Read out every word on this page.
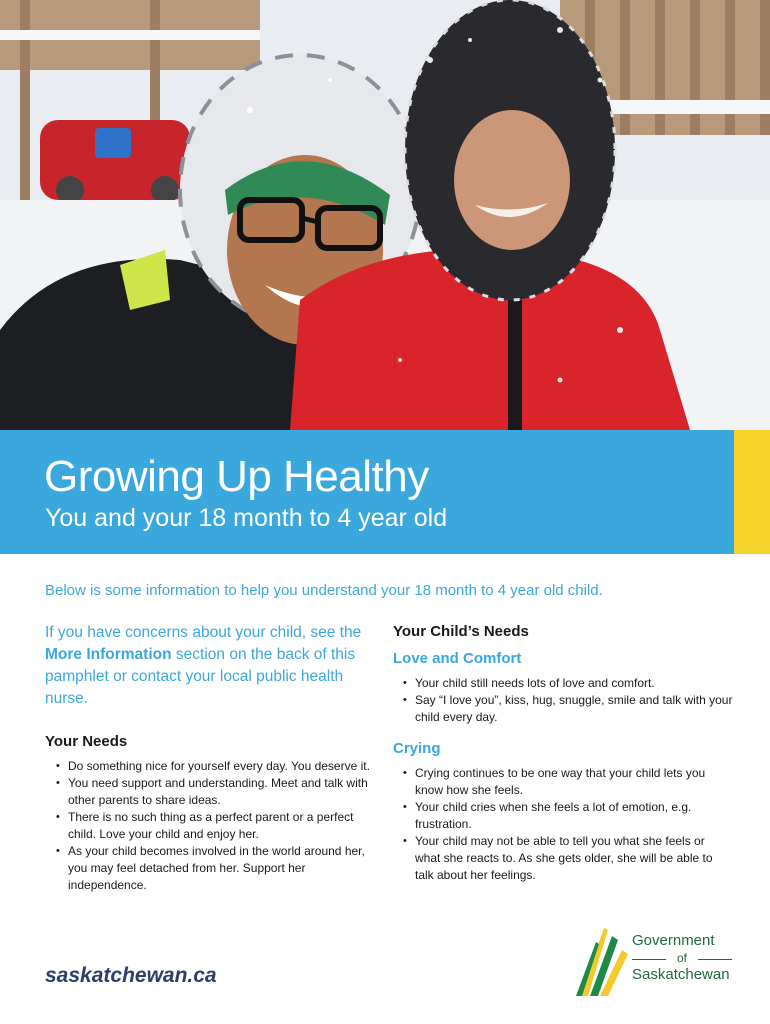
Growing Up Healthy
You and your 18 month to 4 year old

Below is some information to help you understand your 18 month to 4 year old child.

If you have concerns about your child, see the More Information section on the back of this pamphlet or contact your local public health nurse.

Your Needs
• Do something nice for yourself every day. You deserve it.
• You need support and understanding. Meet and talk with other parents to share ideas.
• There is no such thing as a perfect parent or a perfect child. Love your child and enjoy her.
• As your child becomes involved in the world around her, you may feel detached from her. Support her independence.
Your Child’s Needs
Love and Comfort
• Your child still needs lots of love and comfort.
• Say “I love you”, kiss, hug, snuggle, smile and talk with your child every day.
Crying
• Crying continues to be one way that your child lets you know how she feels.
• Your child cries when she feels a lot of emotion, e.g. frustration.
• Your child may not be able to tell you what she feels or what she reacts to. As she gets older, she will be able to talk about her feelings.
saskatchewan.ca
Government
of
Saskatchewan
